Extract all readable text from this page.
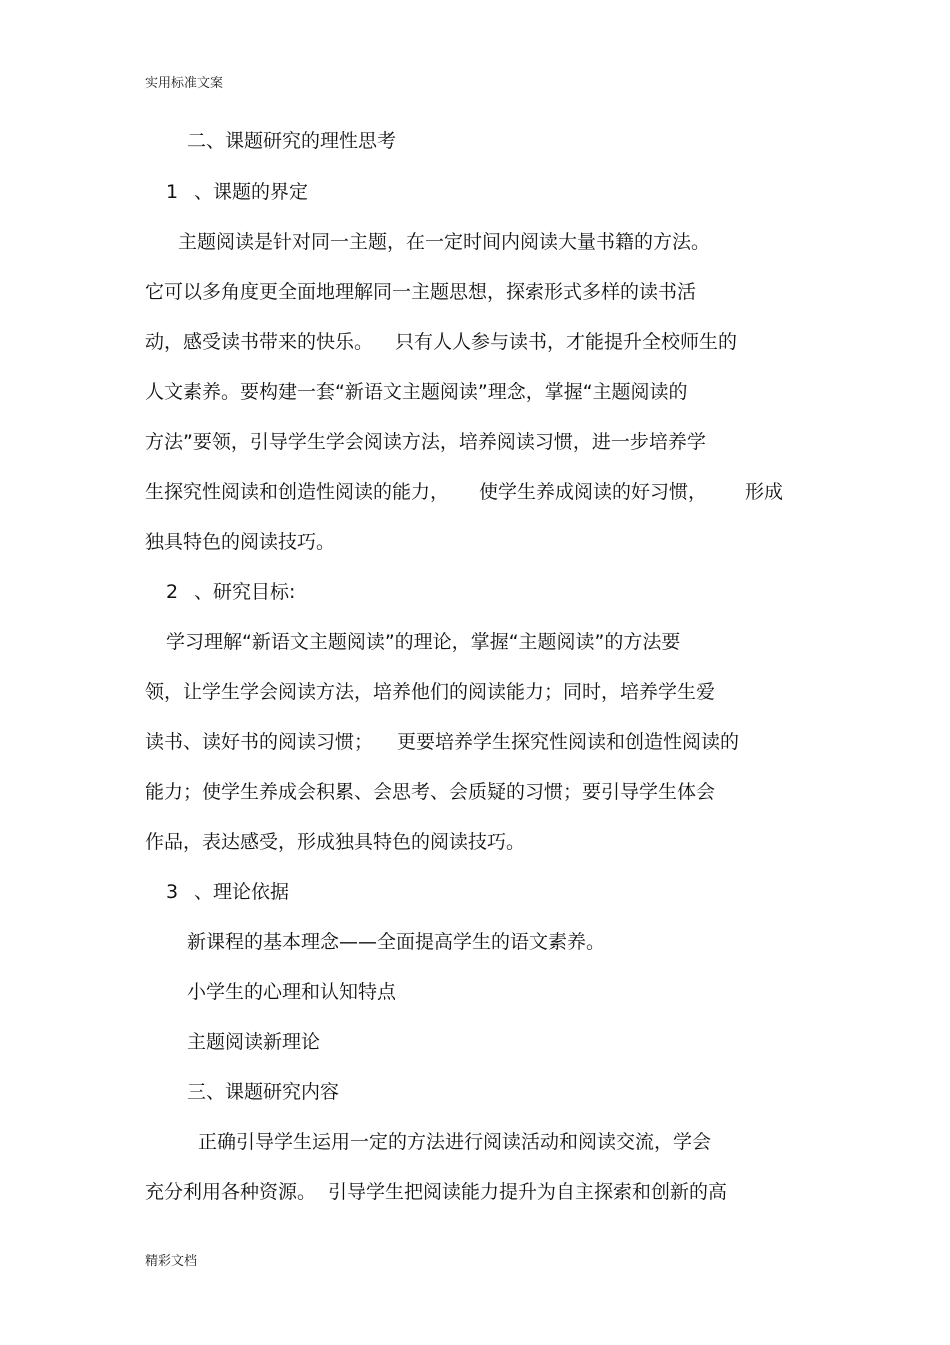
实用标准文案
二、课题研究的理性思考
1 、课题的界定
主题阅读是针对同一主题，在一定时间内阅读大量书籍的方法。
它可以多角度更全面地理解同一主题思想，探索形式多样的读书活
动，感受读书带来的快乐。 只有人人参与读书，才能提升全校师生的
人文素养。要构建一套“新语文主题阅读”理念，掌握“主题阅读的
方法”要领，引导学生学会阅读方法，培养阅读习惯，进一步培养学
生探究性阅读和创造性阅读的能力， 使学生养成阅读的好习惯， 形成
独具特色的阅读技巧。
2 、研究目标:
学习理解“新语文主题阅读”的理论，掌握“主题阅读”的方法要
领，让学生学会阅读方法，培养他们的阅读能力；同时，培养学生爱
读书、读好书的阅读习惯； 更要培养学生探究性阅读和创造性阅读的
能力；使学生养成会积累、会思考、会质疑的习惯；要引导学生体会
作品，表达感受，形成独具特色的阅读技巧。
3 、理论依据
新课程的基本理念——全面提高学生的语文素养。
小学生的心理和认知特点
主题阅读新理论
三、课题研究内容
正确引导学生运用一定的方法进行阅读活动和阅读交流，学会
充分利用各种资源。 引导学生把阅读能力提升为自主探索和创新的高
精彩文档
